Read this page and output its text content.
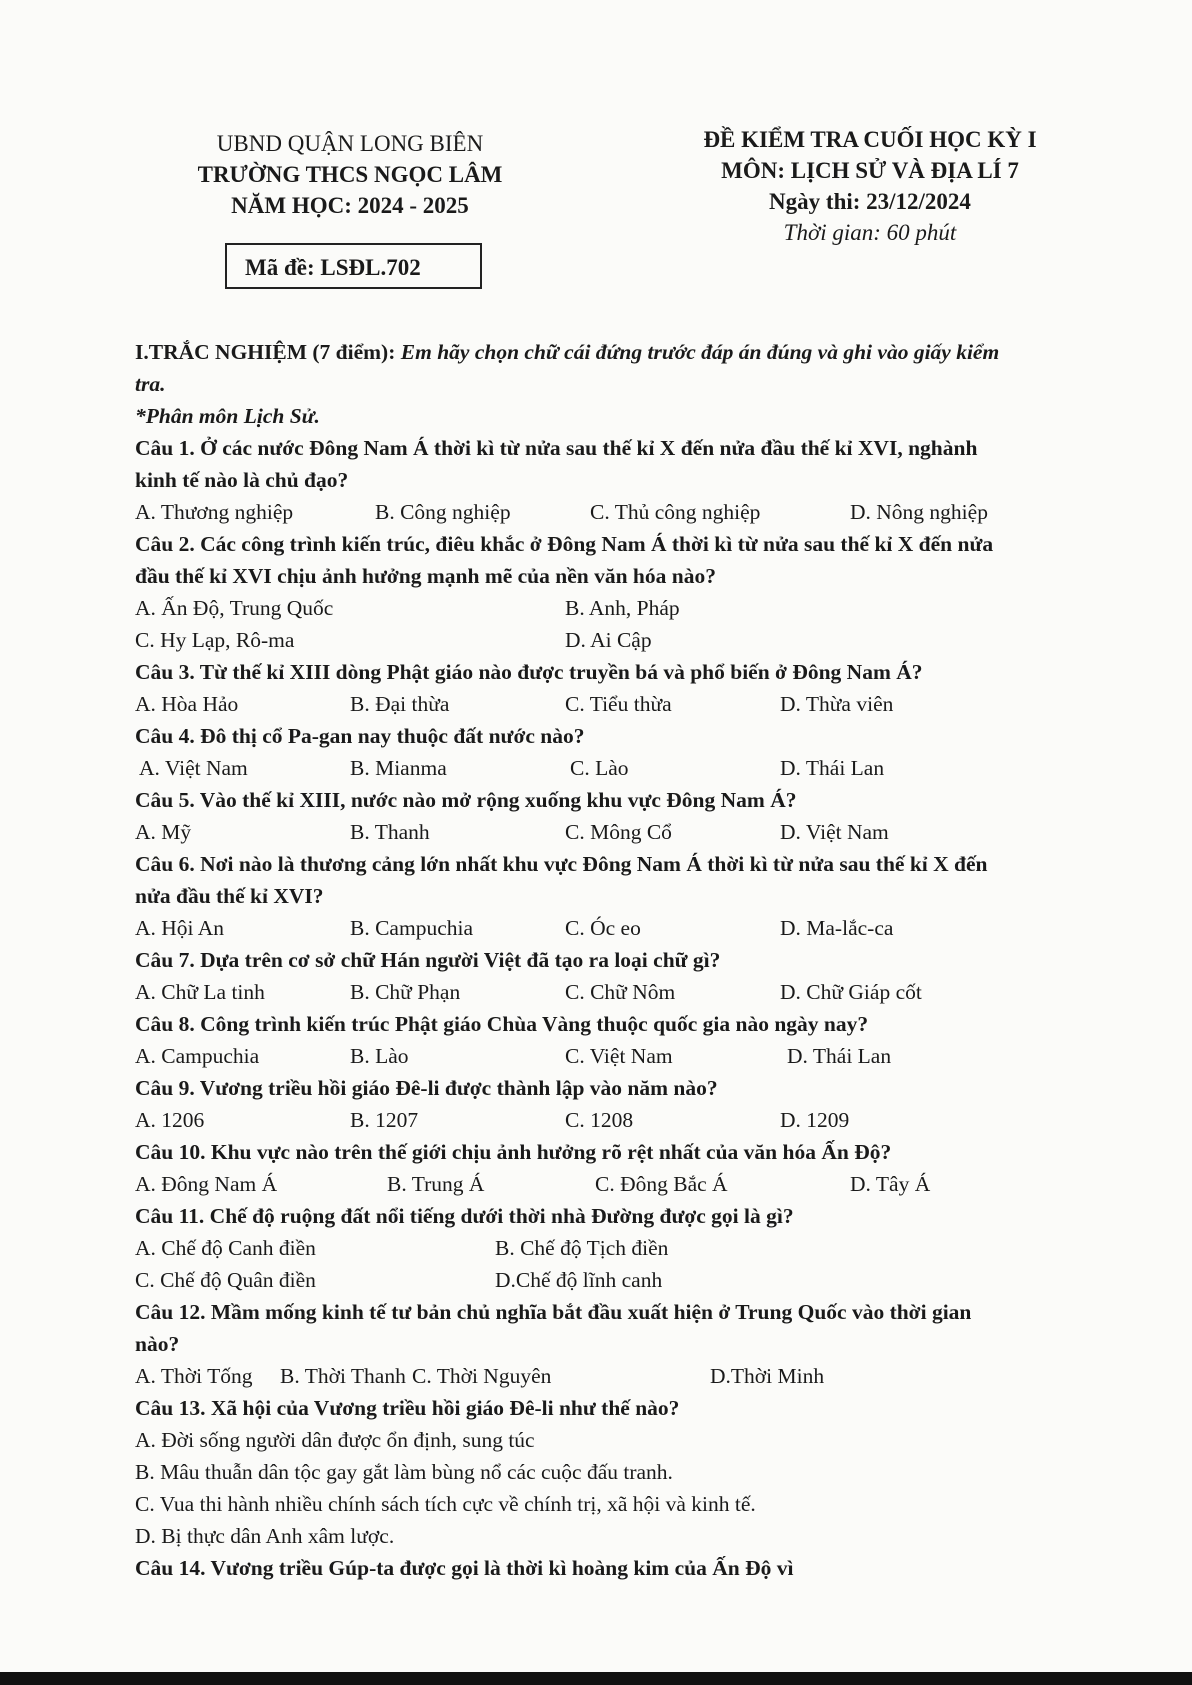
UBND QUẬN LONG BIÊN
TRƯỜNG THCS NGỌC LÂM
NĂM HỌC: 2024 - 2025
ĐỀ KIỂM TRA CUỐI HỌC KỲ I
MÔN: LỊCH SỬ VÀ ĐỊA LÍ 7
Ngày thi: 23/12/2024
Thời gian: 60 phút
Mã đề: LSĐL.702
I.TRẮC NGHIỆM (7 điểm): Em hãy chọn chữ cái đứng trước đáp án đúng và ghi vào giấy kiểm
tra.
*Phân môn Lịch Sử.
Câu 1. Ở các nước Đông Nam Á thời kì từ nửa sau thế kỉ X đến nửa đầu thế kỉ XVI, nghành
kinh tế nào là chủ đạo?
A. Thương nghiệp	B. Công nghiệp	C. Thủ công nghiệp	D. Nông nghiệp
Câu 2. Các công trình kiến trúc, điêu khắc ở Đông Nam Á thời kì từ nửa sau thế kỉ X đến nửa
đầu thế kỉ XVI chịu ảnh hưởng mạnh mẽ của nền văn hóa nào?
A. Ấn Độ, Trung Quốc	B. Anh, Pháp
C. Hy Lạp, Rô-ma	D. Ai Cập
Câu 3. Từ thế kỉ XIII dòng Phật giáo nào được truyền bá và phổ biến ở Đông Nam Á?
A. Hòa Hảo	B. Đại thừa	C. Tiểu thừa	D. Thừa viên
Câu 4. Đô thị cổ Pa-gan nay thuộc đất nước nào?
A. Việt Nam	B. Mianma	C. Lào	D. Thái Lan
Câu 5. Vào thế kỉ XIII, nước nào mở rộng xuống khu vực Đông Nam Á?
A. Mỹ	B. Thanh	C. Mông Cổ	D. Việt Nam
Câu 6. Nơi nào là thương cảng lớn nhất khu vực Đông Nam Á thời kì từ nửa sau thế kỉ X đến
nửa đầu thế kỉ XVI?
A. Hội An	B. Campuchia	C. Óc eo	D. Ma-lắc-ca
Câu 7. Dựa trên cơ sở chữ Hán người Việt đã tạo ra loại chữ gì?
A. Chữ La tinh	B. Chữ Phạn	C. Chữ Nôm	D. Chữ Giáp cốt
Câu 8. Công trình kiến trúc Phật giáo Chùa Vàng thuộc quốc gia nào ngày nay?
A. Campuchia	B. Lào	C. Việt Nam	D. Thái Lan
Câu 9. Vương triều hồi giáo Đê-li được thành lập vào năm nào?
A. 1206	B. 1207	C. 1208	D. 1209
Câu 10. Khu vực nào trên thế giới chịu ảnh hưởng rõ rệt nhất của văn hóa Ấn Độ?
A. Đông Nam Á	B. Trung Á	C. Đông Bắc Á	D. Tây Á
Câu 11. Chế độ ruộng đất nổi tiếng dưới thời nhà Đường được gọi là gì?
A. Chế độ Canh điền	B. Chế độ Tịch điền
C. Chế độ Quân điền	D.Chế độ lĩnh canh
Câu 12. Mầm mống kinh tế tư bản chủ nghĩa bắt đầu xuất hiện ở Trung Quốc vào thời gian
nào?
A. Thời Tống B. Thời Thanh C. Thời Nguyên	D.Thời Minh
Câu 13. Xã hội của Vương triều hồi giáo Đê-li như thế nào?
A. Đời sống người dân được ổn định, sung túc
B. Mâu thuẫn dân tộc gay gắt làm bùng nổ các cuộc đấu tranh.
C. Vua thi hành nhiều chính sách tích cực về chính trị, xã hội và kinh tế.
D. Bị thực dân Anh xâm lược.
Câu 14. Vương triều Gúp-ta được gọi là thời kì hoàng kim của Ấn Độ vì
